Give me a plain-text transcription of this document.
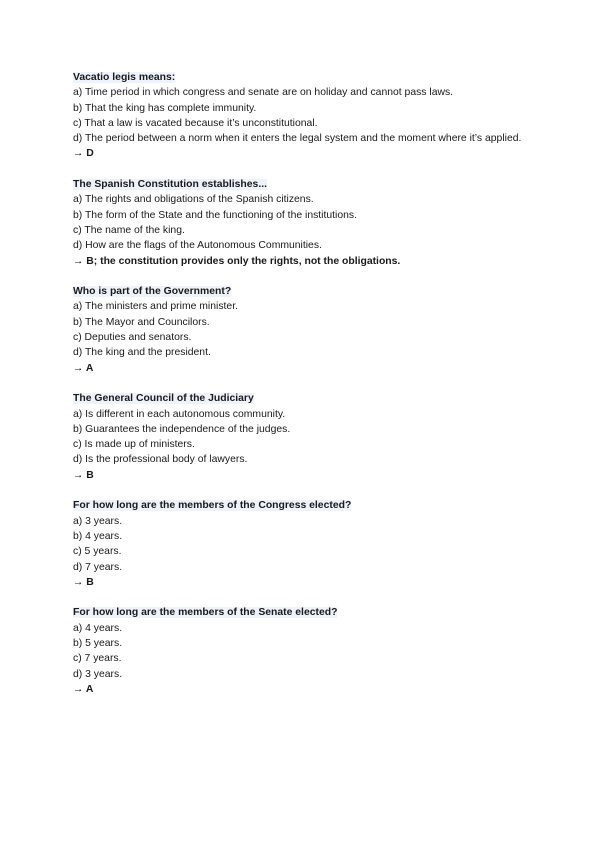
Vacatio legis means:
a) Time period in which congress and senate are on holiday and cannot pass laws.
b) That the king has complete immunity.
c) That a law is vacated because it’s unconstitutional.
d) The period between a norm when it enters the legal system and the moment where it’s applied.
→ D
The Spanish Constitution establishes...
a) The rights and obligations of the Spanish citizens.
b) The form of the State and the functioning of the institutions.
c) The name of the king.
d) How are the flags of the Autonomous Communities.
→ B; the constitution provides only the rights, not the obligations.
Who is part of the Government?
a) The ministers and prime minister.
b) The Mayor and Councilors.
c) Deputies and senators.
d) The king and the president.
→ A
The General Council of the Judiciary
a) Is different in each autonomous community.
b) Guarantees the independence of the judges.
c) Is made up of ministers.
d) Is the professional body of lawyers.
→ B
For how long are the members of the Congress elected?
a) 3 years.
b) 4 years.
c) 5 years.
d) 7 years.
→ B
For how long are the members of the Senate elected?
a) 4 years.
b) 5 years.
c) 7 years.
d) 3 years.
→ A
